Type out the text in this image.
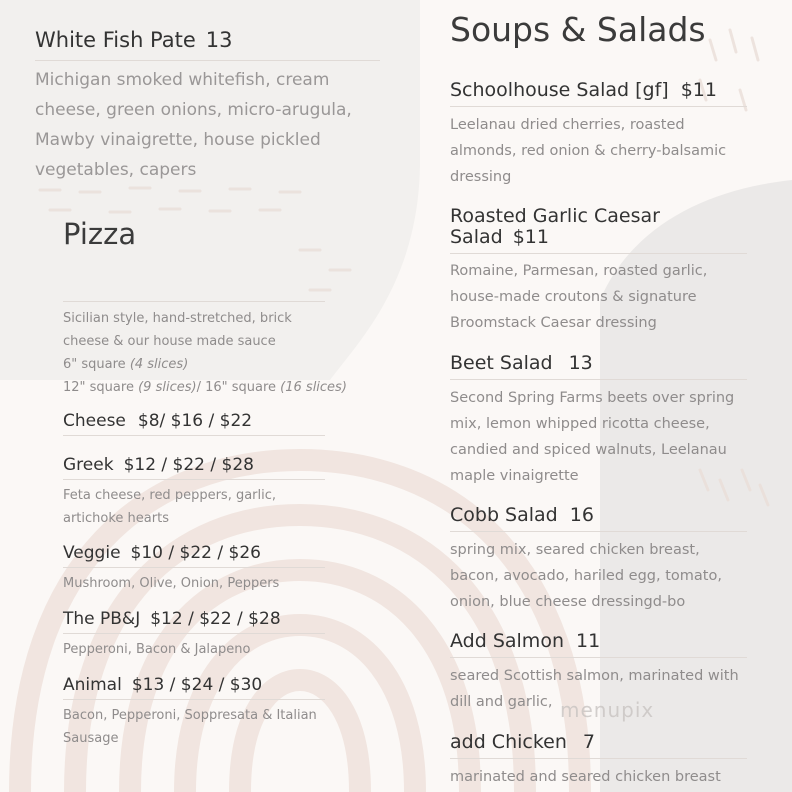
White Fish Pate 13
Michigan smoked whitefish, cream
cheese, green onions, micro-arugula,
Mawby vinaigrette, house pickled
vegetables, capers
Pizza
Sicilian style, hand-stretched, brick
cheese & our house made sauce
6" square (4 slices)
12" square (9 slices)/ 16" square (16 slices)
Cheese $8/ $16 / $22
Greek $12 / $22 / $28
Feta cheese, red peppers, garlic,
artichoke hearts
Veggie $10 / $22 / $26
Mushroom, Olive, Onion, Peppers
The PB&J $12 / $22 / $28
Pepperoni, Bacon & Jalapeno
Animal $13 / $24 / $30
Bacon, Pepperoni, Soppresata & Italian
Sausage
Soups & Salads
Schoolhouse Salad [gf] $11
Leelanau dried cherries, roasted
almonds, red onion & cherry-balsamic
dressing
Roasted Garlic Caesar
Salad $11
Romaine, Parmesan, roasted garlic,
house-made croutons & signature
Broomstack Caesar dressing
Beet Salad 13
Second Spring Farms beets over spring
mix, lemon whipped ricotta cheese,
candied and spiced walnuts, Leelanau
maple vinaigrette
Cobb Salad 16
spring mix, seared chicken breast,
bacon, avocado, hariled egg, tomato,
onion, blue cheese dressingd-bo
Add Salmon 11
seared Scottish salmon, marinated with
dill and garlic, menupix
add Chicken 7
marinated and seared chicken breast
